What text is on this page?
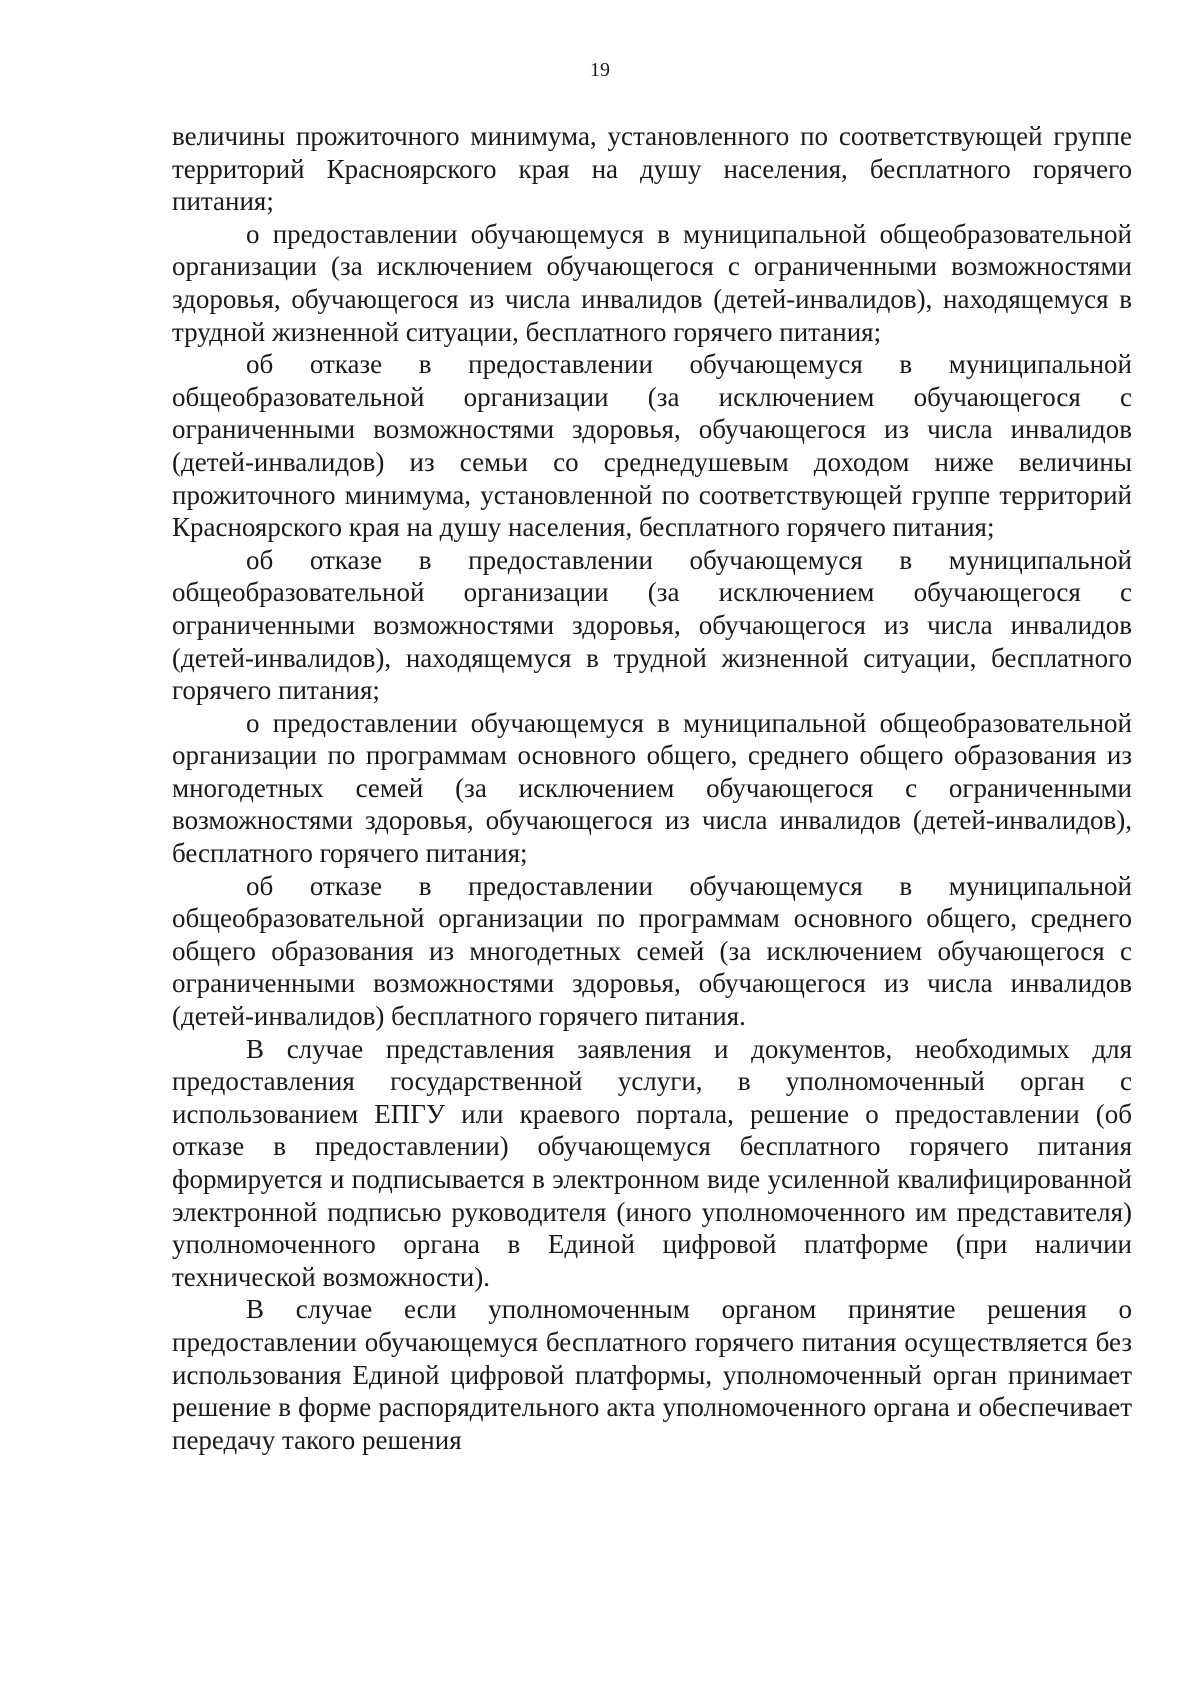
19

величины прожиточного минимума, установленного по соответствующей группе территорий Красноярского края на душу населения, бесплатного горячего питания;

о предоставлении обучающемуся в муниципальной общеобразовательной организации (за исключением обучающегося с ограниченными возможностями здоровья, обучающегося из числа инвалидов (детей-инвалидов), находящемуся в трудной жизненной ситуации, бесплатного горячего питания;

об отказе в предоставлении обучающемуся в муниципальной общеобразовательной организации (за исключением обучающегося с ограниченными возможностями здоровья, обучающегося из числа инвалидов (детей-инвалидов) из семьи со среднедушевым доходом ниже величины прожиточного минимума, установленной по соответствующей группе территорий Красноярского края на душу населения, бесплатного горячего питания;

об отказе в предоставлении обучающемуся в муниципальной общеобразовательной организации (за исключением обучающегося с ограниченными возможностями здоровья, обучающегося из числа инвалидов (детей-инвалидов), находящемуся в трудной жизненной ситуации, бесплатного горячего питания;

о предоставлении обучающемуся в муниципальной общеобразовательной организации по программам основного общего, среднего общего образования из многодетных семей (за исключением обучающегося с ограниченными возможностями здоровья, обучающегося из числа инвалидов (детей-инвалидов), бесплатного горячего питания;

об отказе в предоставлении обучающемуся в муниципальной общеобразовательной организации по программам основного общего, среднего общего образования из многодетных семей (за исключением обучающегося с ограниченными возможностями здоровья, обучающегося из числа инвалидов (детей-инвалидов) бесплатного горячего питания.

В случае представления заявления и документов, необходимых для предоставления государственной услуги, в уполномоченный орган с использованием ЕПГУ или краевого портала, решение о предоставлении (об отказе в предоставлении) обучающемуся бесплатного горячего питания формируется и подписывается в электронном виде усиленной квалифицированной электронной подписью руководителя (иного уполномоченного им представителя) уполномоченного органа в Единой цифровой платформе (при наличии технической возможности).

В случае если уполномоченным органом принятие решения о предоставлении обучающемуся бесплатного горячего питания осуществляется без использования Единой цифровой платформы, уполномоченный орган принимает решение в форме распорядительного акта уполномоченного органа и обеспечивает передачу такого решения
